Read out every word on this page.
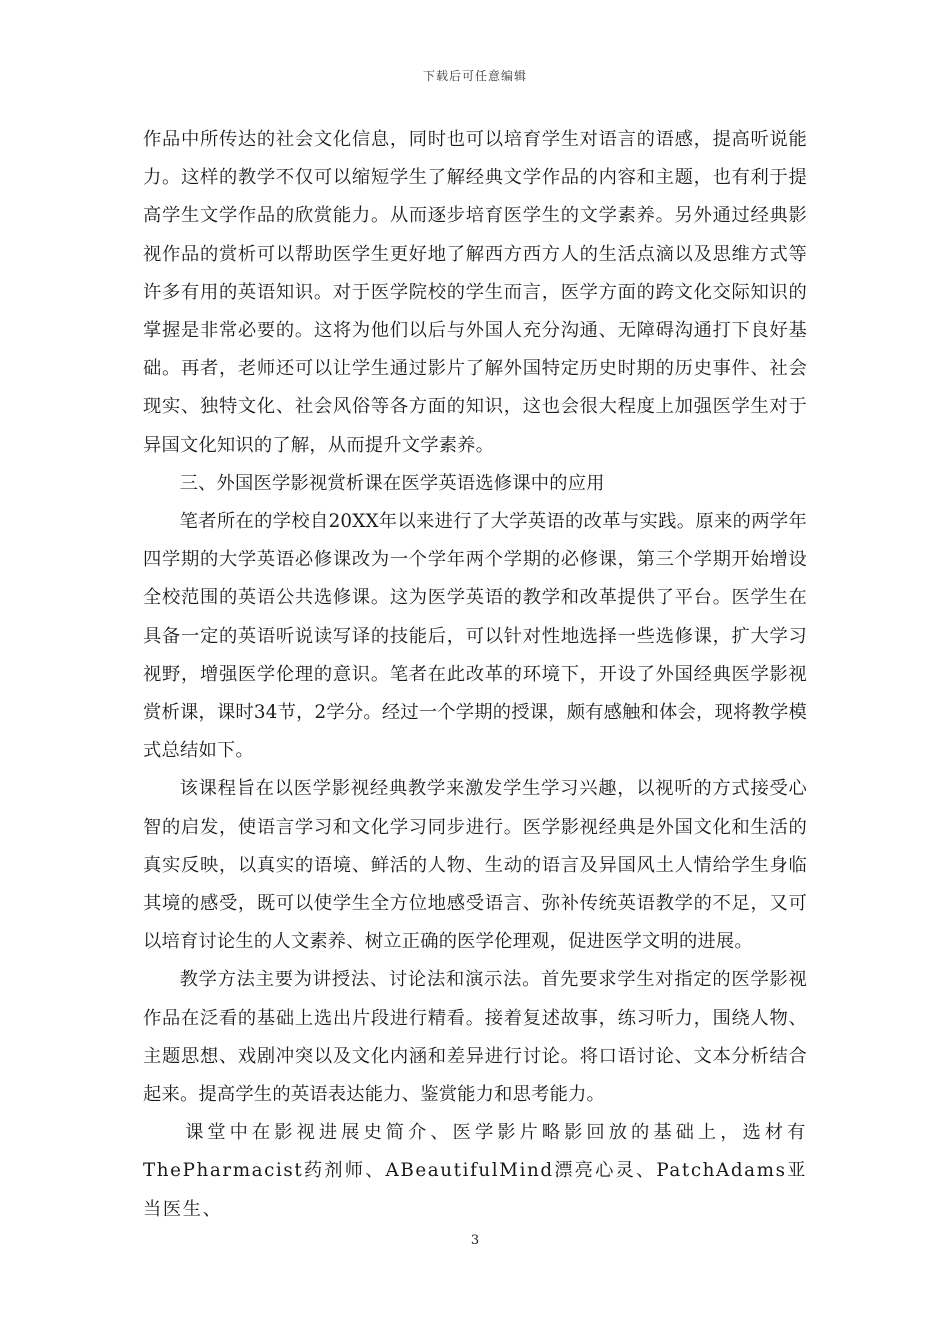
下载后可任意编辑

作品中所传达的社会文化信息，同时也可以培育学生对语言的语感，提高听说能力。这样的教学不仅可以缩短学生了解经典文学作品的内容和主题，也有利于提高学生文学作品的欣赏能力。从而逐步培育医学生的文学素养。另外通过经典影视作品的赏析可以帮助医学生更好地了解西方西方人的生活点滴以及思维方式等许多有用的英语知识。对于医学院校的学生而言，医学方面的跨文化交际知识的掌握是非常必要的。这将为他们以后与外国人充分沟通、无障碍沟通打下良好基础。再者，老师还可以让学生通过影片了解外国特定历史时期的历史事件、社会现实、独特文化、社会风俗等各方面的知识，这也会很大程度上加强医学生对于异国文化知识的了解，从而提升文学素养。

三、外国医学影视赏析课在医学英语选修课中的应用

笔者所在的学校自20XX年以来进行了大学英语的改革与实践。原来的两学年四学期的大学英语必修课改为一个学年两个学期的必修课，第三个学期开始增设全校范围的英语公共选修课。这为医学英语的教学和改革提供了平台。医学生在具备一定的英语听说读写译的技能后，可以针对性地选择一些选修课，扩大学习视野，增强医学伦理的意识。笔者在此改革的环境下，开设了外国经典医学影视赏析课，课时34节，2学分。经过一个学期的授课，颇有感触和体会，现将教学模式总结如下。

该课程旨在以医学影视经典教学来激发学生学习兴趣，以视听的方式接受心智的启发，使语言学习和文化学习同步进行。医学影视经典是外国文化和生活的真实反映，以真实的语境、鲜活的人物、生动的语言及异国风土人情给学生身临其境的感受，既可以使学生全方位地感受语言、弥补传统英语教学的不足，又可以培育讨论生的人文素养、树立正确的医学伦理观，促进医学文明的进展。

教学方法主要为讲授法、讨论法和演示法。首先要求学生对指定的医学影视作品在泛看的基础上选出片段进行精看。接着复述故事，练习听力，围绕人物、主题思想、戏剧冲突以及文化内涵和差异进行讨论。将口语讨论、文本分析结合起来。提高学生的英语表达能力、鉴赏能力和思考能力。

课堂中在影视进展史简介、医学影片略影回放的基础上，选材有ThePharmacist药剂师、ABeautifulMind漂亮心灵、PatchAdams亚当医生、

3
